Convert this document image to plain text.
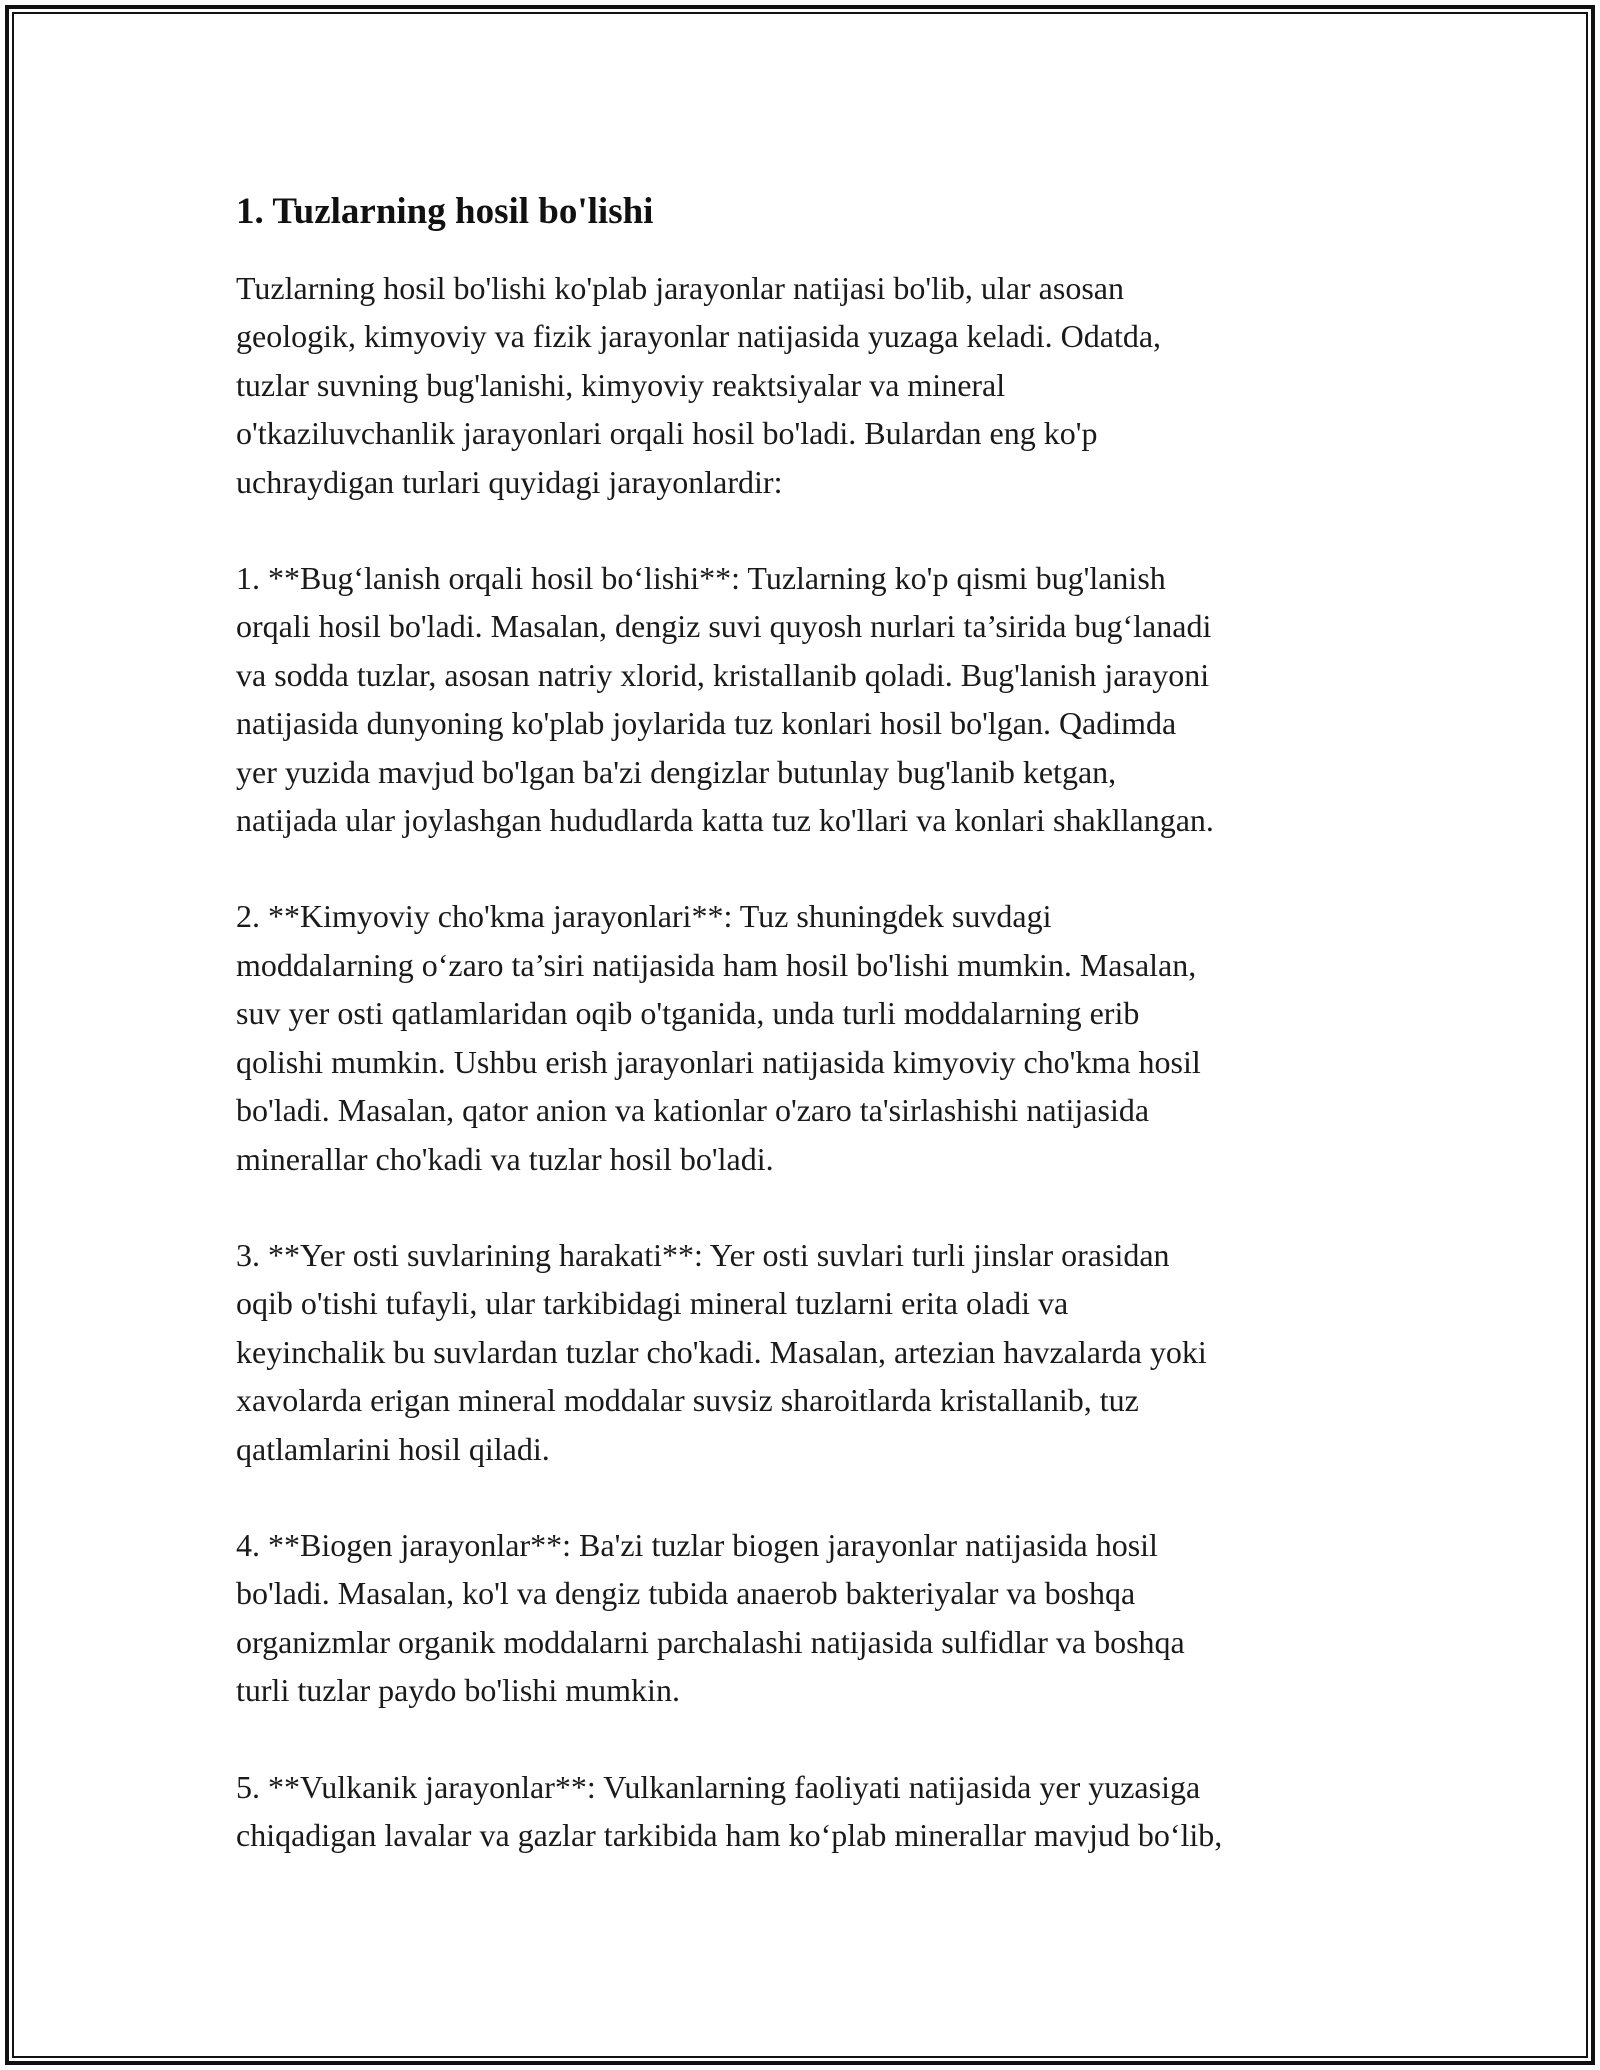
1. Tuzlarning hosil bo'lishi

Tuzlarning hosil bo'lishi ko'plab jarayonlar natijasi bo'lib, ular asosan
geologik, kimyoviy va fizik jarayonlar natijasida yuzaga keladi. Odatda,
tuzlar suvning bug'lanishi, kimyoviy reaktsiyalar va mineral
o'tkaziluvchanlik jarayonlari orqali hosil bo'ladi. Bulardan eng ko'p
uchraydigan turlari quyidagi jarayonlardir:

1. **Bug‘lanish orqali hosil bo‘lishi**: Tuzlarning ko'p qismi bug'lanish
orqali hosil bo'ladi. Masalan, dengiz suvi quyosh nurlari ta’sirida bug‘lanadi
va sodda tuzlar, asosan natriy xlorid, kristallanib qoladi. Bug'lanish jarayoni
natijasida dunyoning ko'plab joylarida tuz konlari hosil bo'lgan. Qadimda
yer yuzida mavjud bo'lgan ba'zi dengizlar butunlay bug'lanib ketgan,
natijada ular joylashgan hududlarda katta tuz ko'llari va konlari shakllangan.

2. **Kimyoviy cho'kma jarayonlari**: Tuz shuningdek suvdagi
moddalarning o‘zaro ta’siri natijasida ham hosil bo'lishi mumkin. Masalan,
suv yer osti qatlamlaridan oqib o'tganida, unda turli moddalarning erib
qolishi mumkin. Ushbu erish jarayonlari natijasida kimyoviy cho'kma hosil
bo'ladi. Masalan, qator anion va kationlar o'zaro ta'sirlashishi natijasida
minerallar cho'kadi va tuzlar hosil bo'ladi.

3. **Yer osti suvlarining harakati**: Yer osti suvlari turli jinslar orasidan
oqib o'tishi tufayli, ular tarkibidagi mineral tuzlarni erita oladi va
keyinchalik bu suvlardan tuzlar cho'kadi. Masalan, artezian havzalarda yoki
xavolarda erigan mineral moddalar suvsiz sharoitlarda kristallanib, tuz
qatlamlarini hosil qiladi.

4. **Biogen jarayonlar**: Ba'zi tuzlar biogen jarayonlar natijasida hosil
bo'ladi. Masalan, ko'l va dengiz tubida anaerob bakteriyalar va boshqa
organizmlar organik moddalarni parchalashi natijasida sulfidlar va boshqa
turli tuzlar paydo bo'lishi mumkin.

5. **Vulkanik jarayonlar**: Vulkanlarning faoliyati natijasida yer yuzasiga
chiqadigan lavalar va gazlar tarkibida ham ko‘plab minerallar mavjud bo‘lib,
